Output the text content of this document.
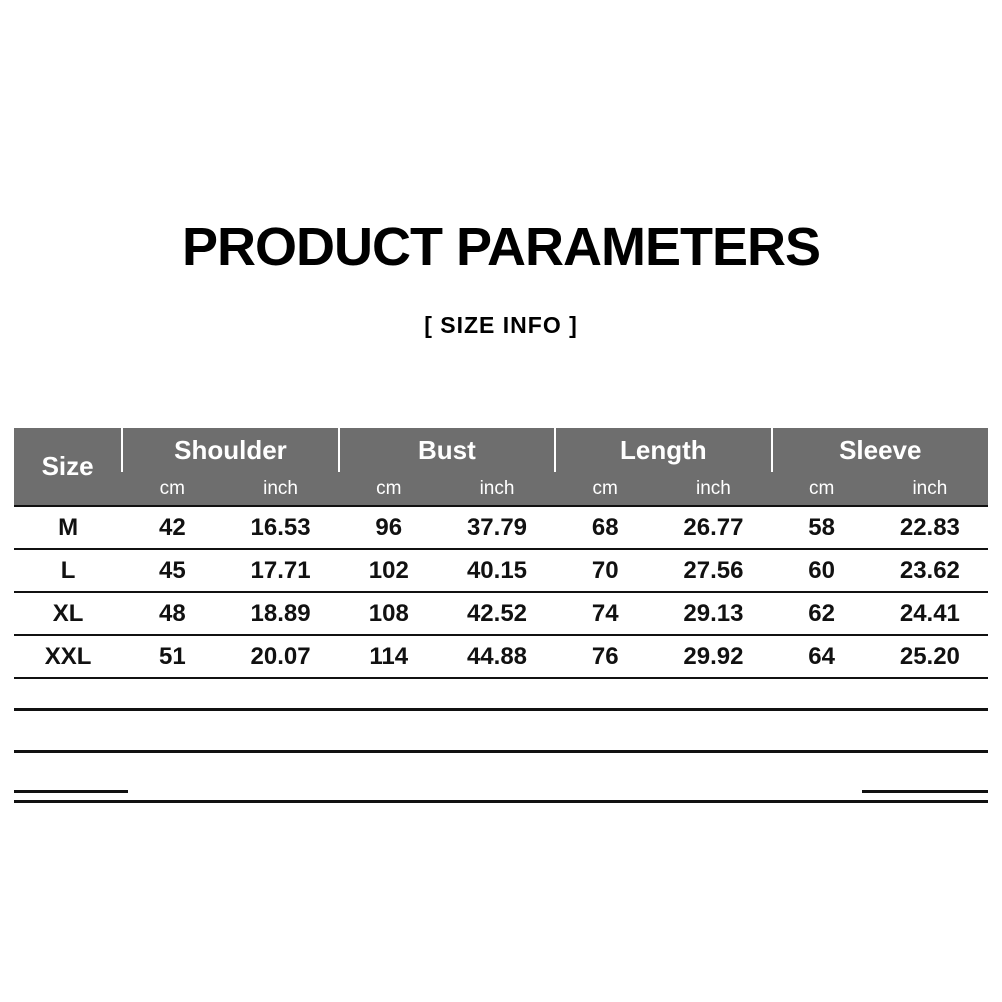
PRODUCT PARAMETERS
[ SIZE INFO ]
Size	Shoulder		Bust		Length		Sleeve	
	cm	inch	cm	inch	cm	inch	cm	inch
M	42	16.53	96	37.79	68	26.77	58	22.83
L	45	17.71	102	40.15	70	27.56	60	23.62
XL	48	18.89	108	42.52	74	29.13	62	24.41
XXL	51	20.07	114	44.88	76	29.92	64	25.20
